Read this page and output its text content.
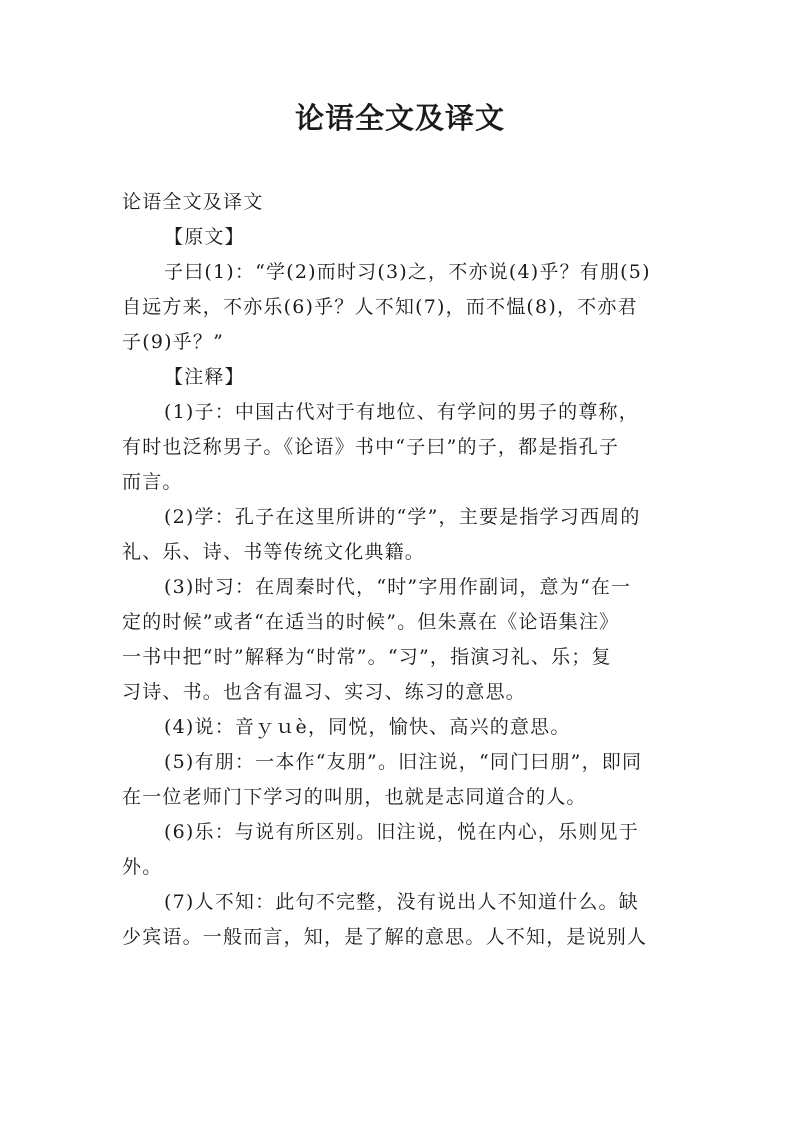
论语全文及译文

论语全文及译文

【原文】

子曰(1)：“学(2)而时习(3)之，不亦说(4)乎？有朋(5)
自远方来，不亦乐(6)乎？人不知(7)，而不愠(8)，不亦君
子(9)乎？”

【注释】

(1)子：中国古代对于有地位、有学问的男子的尊称，
有时也泛称男子。《论语》书中“子曰”的子，都是指孔子
而言。

(2)学：孔子在这里所讲的“学”，主要是指学习西周的
礼、乐、诗、书等传统文化典籍。

(3)时习：在周秦时代，“时”字用作副词，意为“在一
定的时候”或者“在适当的时候”。但朱熹在《论语集注》
一书中把“时”解释为“时常”。“习”，指演习礼、乐；复
习诗、书。也含有温习、实习、练习的意思。

(4)说：音ｙｕè，同悦，愉快、高兴的意思。

(5)有朋：一本作“友朋”。旧注说，“同门曰朋”，即同
在一位老师门下学习的叫朋，也就是志同道合的人。

(6)乐：与说有所区别。旧注说，悦在内心，乐则见于
外。

(7)人不知：此句不完整，没有说出人不知道什么。缺
少宾语。一般而言，知，是了解的意思。人不知，是说别人
